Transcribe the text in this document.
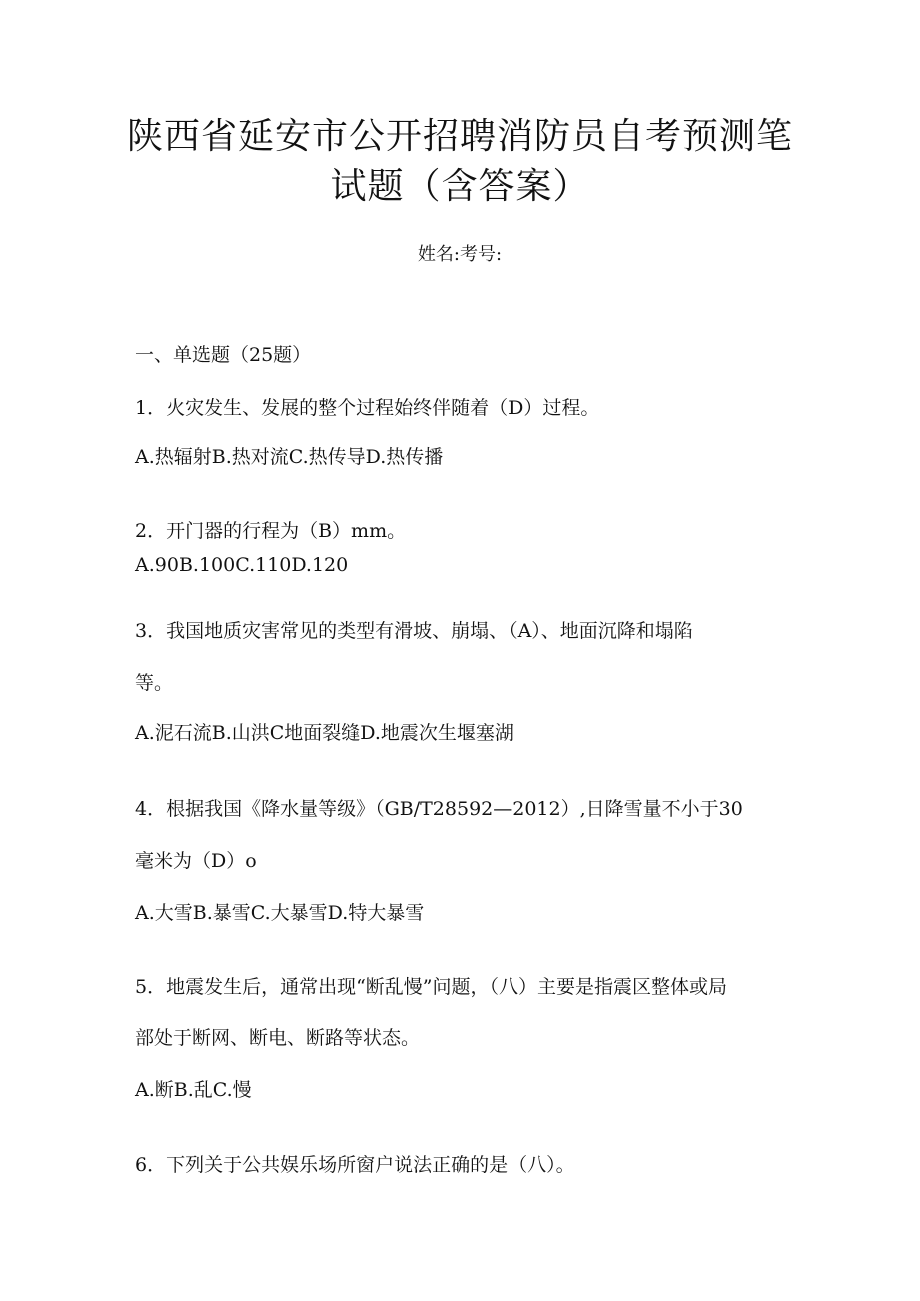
陕西省延安市公开招聘消防员自考预测笔
试题（含答案）
姓名:考号:
一、单选题（25题）
1．火灾发生、发展的整个过程始终伴随着（D）过程。
A.热辐射B.热对流C.热传导D.热传播
2．开门器的行程为（B）mm。
A.90B.100C.110D.120
3．我国地质灾害常见的类型有滑坡、崩塌、（A）、地面沉降和塌陷
等。
A.泥石流B.山洪C地面裂缝D.地震次生堰塞湖
4．根据我国《降水量等级》（GB/T28592—2012）,日降雪量不小于30
毫米为（D）o
A.大雪B.暴雪C.大暴雪D.特大暴雪
5．地震发生后，通常出现“断乱慢”问题，（八）主要是指震区整体或局
部处于断网、断电、断路等状态。
A.断B.乱C.慢
6．下列关于公共娱乐场所窗户说法正确的是（八）。
